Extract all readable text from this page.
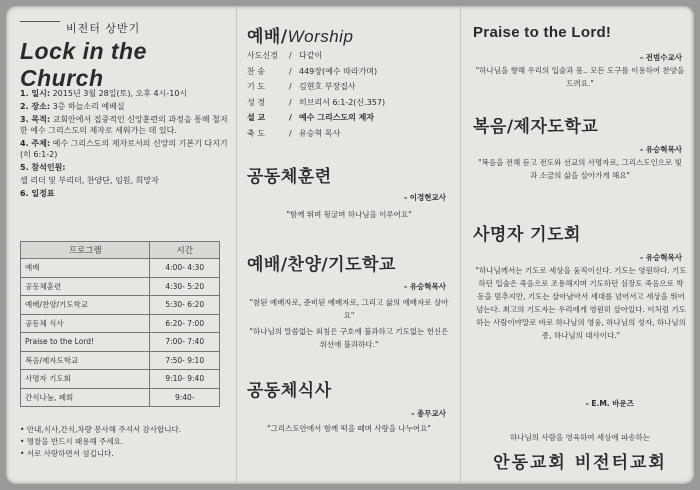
비전터 상반기
Lock in the Church

1. 일시: 2015년 3월 28일(토), 오후 4시-10시

2. 장소: 3층 하늘소리 예배실

3. 목적: 교회안에서 집중적인 신앙훈련의 과정을 통해 철저한 예수 그리스도의 제자로 세워가는 데 있다.

4. 주제: 예수 그리스도의 제자로서의 신앙의 기본기 다지기(히 6:1-2)

5. 참석인원:

셀 리더 및 부리더, 찬양단, 임원, 희망자

6. 일정표

프로그램	시간
예배	4:00- 4:30
공동체훈련	4:30- 5:20
예배/찬양/기도학교	5:30- 6:20
공동체 식사	6:20- 7:00
Praise to the Lord!	7:00- 7:40
복음/제자도학교	7:50- 9:10
사명자 기도회	9:10- 9:40
간식나눔, 폐회	9:40-
• 안내,식사,간식,차량 봉사해 주셔서 감사합니다.
• 명찰을 반드시 패용해 주세요.
• 서로 사랑하면서 섬깁니다.
예배/Worship
사도신경	/ 다같이
찬 송	/ 449장(예수 따라가며)
기 도	/ 김현호 부장집사
성 경	/ 히브리서 6:1-2(신.357)
설 교	/ 예수 그리스도의 제자
축 도	/ 유승혁 목사
공동체훈련
- 이경현교사
"함께 뛰며 뒹굴며 하나님을 이루어요"
예배/찬양/기도학교
- 유승혁목사
"참된 예배자로, 준비된 예배자로, 그리고 삶의 예배자로 살아요"
"하나님의 말씀없는 외침은 구호에 불과하고 기도없는 헌신은 위선에 불과하다."
공동체식사
- 총무교사
"그리스도안에서 함께 떡을 떼며 사랑을 나누어요"
Praise to the Lord!
- 전범수교사
"하나님을 향해 우리의 입술과 몸.. 모든 도구를 이용하여 찬양을 드려요."
복음/제자도학교
- 유승혁목사
"복음을 전해 듣고 전도와 선교의 사명자로, 그리스도인으로 빛과 소금의 삶을 살아가게 해요"
사명자 기도회
- 유승혁목사
"하나님께서는 기도로 세상을 움직이신다. 기도는 영원하다. 기도하던 입술은 죽음으로 조용해지며 기도하던 심장도 죽음으로 박동을 멈추지만, 기도는 살아남아서 세대를 넘어서고 세상을 뛰어 넘는다. 최고의 기도자는 우리에게 영원히 살아있다. 이처럼 기도하는 사람이야말로 바로 하나님의 영웅, 하나님의 성자, 하나님의 종, 하나님의 대사이다."
- E.M. 바운즈
하나님의 사람을 영육하여 세상에 파송하는
안동교회 비전터교회
